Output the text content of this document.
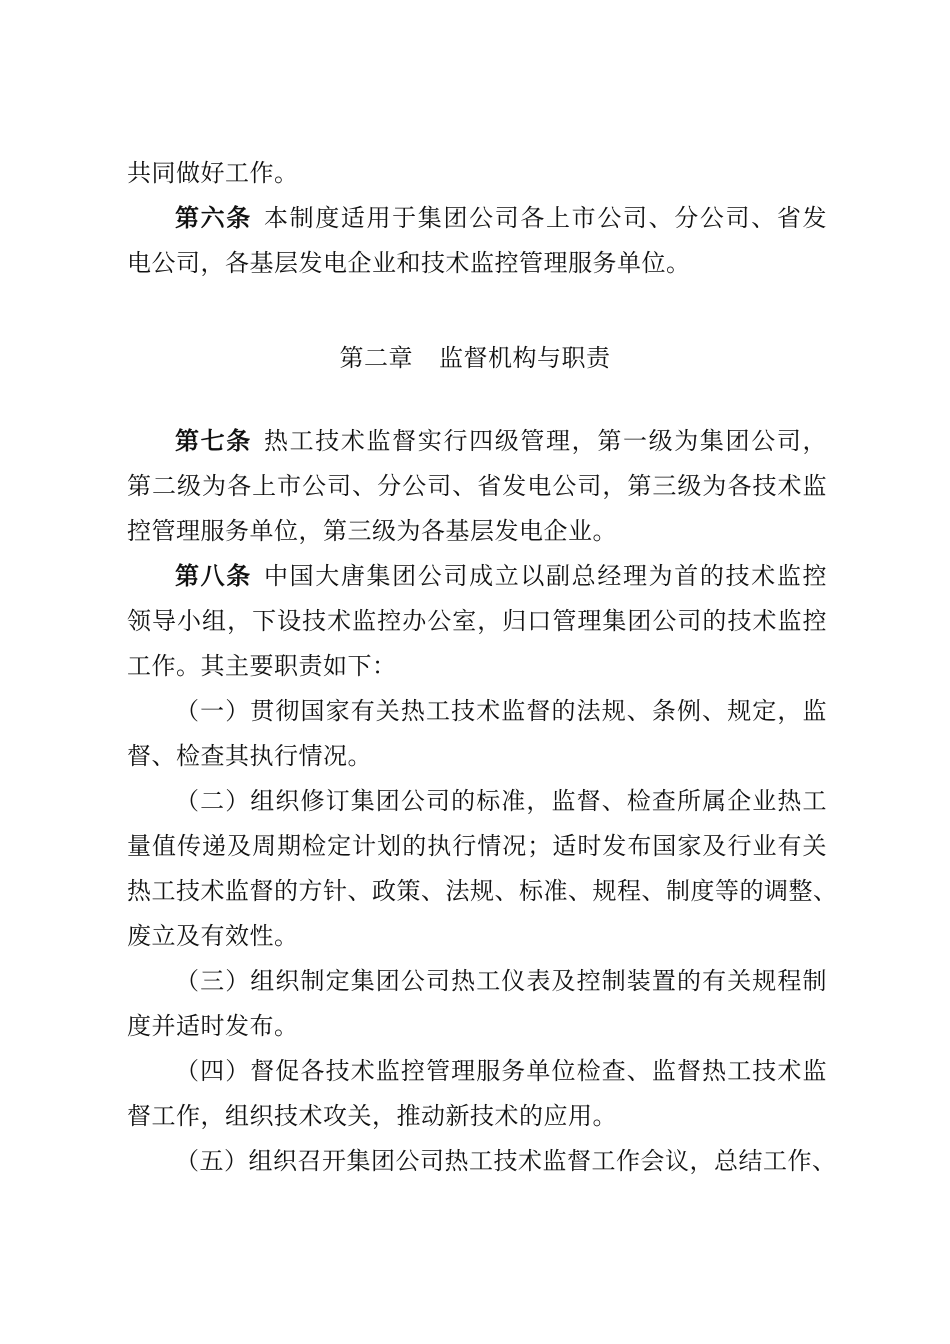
共同做好工作。
第六条 本制度适用于集团公司各上市公司、分公司、省发
电公司，各基层发电企业和技术监控管理服务单位。
第二章 监督机构与职责
第七条 热工技术监督实行四级管理，第一级为集团公司，
第二级为各上市公司、分公司、省发电公司，第三级为各技术监
控管理服务单位，第三级为各基层发电企业。
第八条 中国大唐集团公司成立以副总经理为首的技术监控
领导小组，下设技术监控办公室，归口管理集团公司的技术监控
工作。其主要职责如下：
（一）贯彻国家有关热工技术监督的法规、条例、规定，监
督、检查其执行情况。
（二）组织修订集团公司的标准，监督、检查所属企业热工
量值传递及周期检定计划的执行情况；适时发布国家及行业有关
热工技术监督的方针、政策、法规、标准、规程、制度等的调整、
废立及有效性。
（三）组织制定集团公司热工仪表及控制装置的有关规程制
度并适时发布。
（四）督促各技术监控管理服务单位检查、监督热工技术监
督工作，组织技术攻关，推动新技术的应用。
（五）组织召开集团公司热工技术监督工作会议，总结工作、
